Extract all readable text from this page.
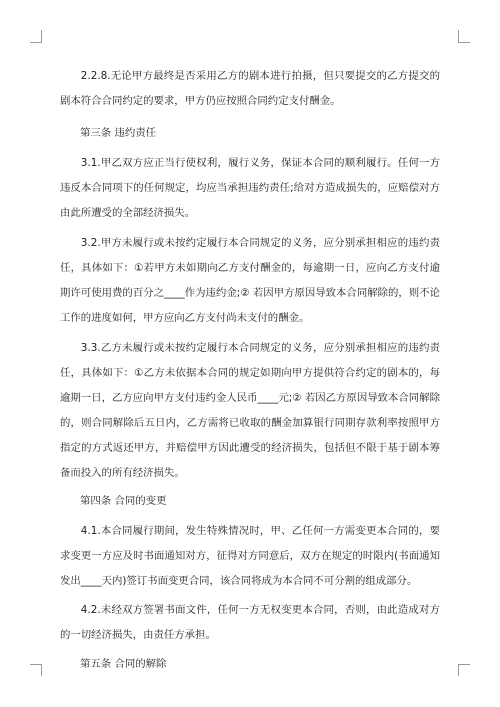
2.2.8.无论甲方最终是否采用乙方的剧本进行拍摄，但只要提交的乙方提交的剧本符合合同约定的要求，甲方仍应按照合同约定支付酬金。
第三条 违约责任
3.1.甲乙双方应正当行使权利，履行义务，保证本合同的顺利履行。任何一方违反本合同项下的任何规定，均应当承担违约责任;给对方造成损失的，应赔偿对方由此所遭受的全部经济损失。
3.2.甲方未履行或未按约定履行本合同规定的义务，应分别承担相应的违约责任，具体如下：①若甲方未如期向乙方支付酬金的，每逾期一日，应向乙方支付逾期许可使用费的百分之____作为违约金;② 若因甲方原因导致本合同解除的，则不论工作的进度如何，甲方应向乙方支付尚未支付的酬金。
3.3.乙方未履行或未按约定履行本合同规定的义务，应分别承担相应的违约责任，具体如下：①乙方未依据本合同的规定如期向甲方提供符合约定的剧本的，每逾期一日，乙方应向甲方支付违约金人民币____元;② 若因乙方原因导致本合同解除的，则合同解除后五日内，乙方需将已收取的酬金加算银行同期存款利率按照甲方指定的方式返还甲方，并赔偿甲方因此遭受的经济损失，包括但不限于基于剧本筹备而投入的所有经济损失。
第四条 合同的变更
4.1.本合同履行期间，发生特殊情况时，甲、乙任何一方需变更本合同的，要求变更一方应及时书面通知对方，征得对方同意后，双方在规定的时限内(书面通知发出____天内)签订书面变更合同，该合同将成为本合同不可分割的组成部分。
4.2.未经双方签署书面文件，任何一方无权变更本合同，否则，由此造成对方的一切经济损失，由责任方承担。
第五条 合同的解除
